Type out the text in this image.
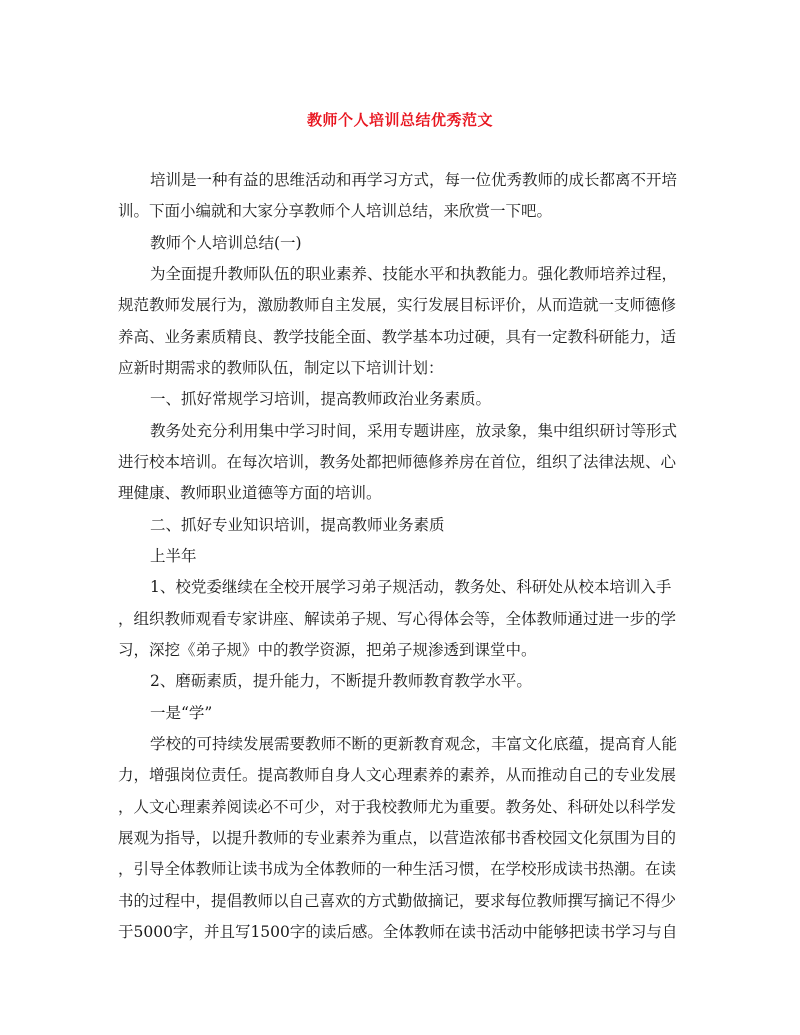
教师个人培训总结优秀范文
培训是一种有益的思维活动和再学习方式，每一位优秀教师的成长都离不开培
训。下面小编就和大家分享教师个人培训总结，来欣赏一下吧。
教师个人培训总结(一)
为全面提升教师队伍的职业素养、技能水平和执教能力。强化教师培养过程，
规范教师发展行为，激励教师自主发展，实行发展目标评价，从而造就一支师德修
养高、业务素质精良、教学技能全面、教学基本功过硬，具有一定教科研能力，适
应新时期需求的教师队伍，制定以下培训计划：
一、抓好常规学习培训，提高教师政治业务素质。
教务处充分利用集中学习时间，采用专题讲座，放录象，集中组织研讨等形式
进行校本培训。在每次培训，教务处都把师德修养房在首位，组织了法律法规、心
理健康、教师职业道德等方面的培训。
二、抓好专业知识培训，提高教师业务素质
上半年
1、校党委继续在全校开展学习弟子规活动，教务处、科研处从校本培训入手
，组织教师观看专家讲座、解读弟子规、写心得体会等，全体教师通过进一步的学
习，深挖《弟子规》中的教学资源，把弟子规渗透到课堂中。
2、磨砺素质，提升能力，不断提升教师教育教学水平。
一是“学”
学校的可持续发展需要教师不断的更新教育观念，丰富文化底蕴，提高育人能
力，增强岗位责任。提高教师自身人文心理素养的素养，从而推动自己的专业发展
，人文心理素养阅读必不可少，对于我校教师尤为重要。教务处、科研处以科学发
展观为指导，以提升教师的专业素养为重点，以营造浓郁书香校园文化氛围为目的
，引导全体教师让读书成为全体教师的一种生活习惯，在学校形成读书热潮。在读
书的过程中，提倡教师以自己喜欢的方式勤做摘记，要求每位教师撰写摘记不得少
于5000字，并且写1500字的读后感。全体教师在读书活动中能够把读书学习与自
